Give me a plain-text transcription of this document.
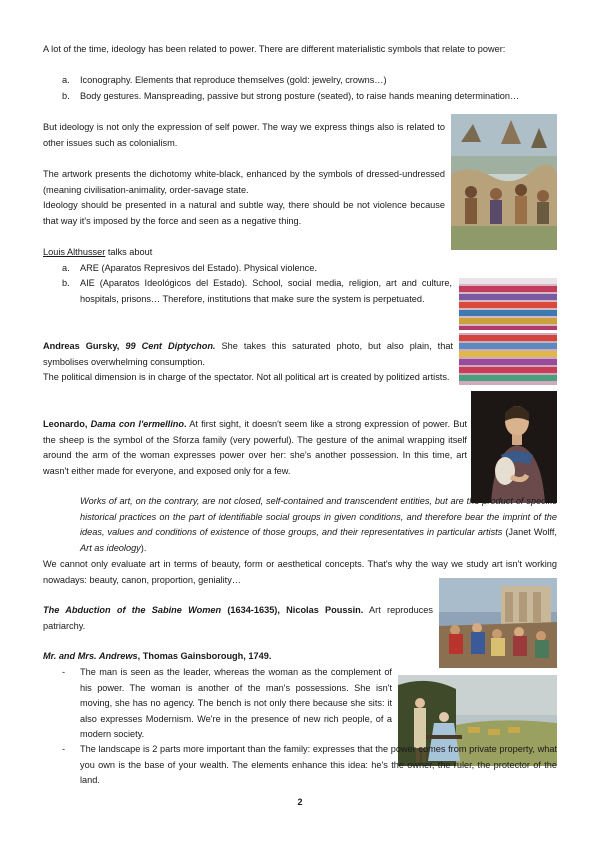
A lot of the time, ideology has been related to power. There are different materialistic symbols that relate to power:

a. Iconography. Elements that reproduce themselves (gold: jewelry, crowns…)

b. Body gestures. Manspreading, passive but strong posture (seated), to raise hands meaning determination…

But ideology is not only the expression of self power. The way we express things also is related to other issues such as colonialism.

The artwork presents the dichotomy white-black, enhanced by the symbols of dressed-undressed (meaning civilisation-animality, order-savage state.

Ideology should be presented in a natural and subtle way, there should be not violence because that way it's imposed by the force and seen as a negative thing.

Louis Althusser talks about

a. ARE (Aparatos Represivos del Estado). Physical violence.

b. AIE (Aparatos Ideológicos del Estado). School, social media, religion, art and culture, hospitals, prisons… Therefore, institutions that make sure the system is perpetuated.

Andreas Gursky, 99 Cent Diptychon. She takes this saturated photo, but also plain, that symbolises overwhelming consumption.

The political dimension is in charge of the spectator. Not all political art is created by politized artists.

Leonardo, Dama con l'ermellino. At first sight, it doesn't seem like a strong expression of power. But the sheep is the symbol of the Sforza family (very powerful). The gesture of the animal wrapping itself around the arm of the woman expresses power over her: she's another possession. In this time, art wasn't either made for everyone, and exposed only for a few.

Works of art, on the contrary, are not closed, self-contained and transcendent entities, but are the product of specific historical practices on the part of identifiable social groups in given conditions, and therefore bear the imprint of the ideas, values and conditions of existence of those groups, and their representatives in particular artists (Janet Wolff, Art as ideology).

We cannot only evaluate art in terms of beauty, form or aesthetical concepts. That's why the way we study art isn't working nowadays: beauty, canon, proportion, geniality…

The Abduction of the Sabine Women (1634-1635), Nicolas Poussin. Art reproduces patriarchy.

Mr. and Mrs. Andrews, Thomas Gainsborough, 1749.

- The man is seen as the leader, whereas the woman as the complement of his power. The woman is another of the man's possessions. She isn't moving, she has no agency. The bench is not only there because she sits: it also expresses Modernism. We're in the presence of new rich people, of a modern society.

- The landscape is 2 parts more important than the family: expresses that the power comes from private property, what you own is the base of your wealth. The elements enhance this idea: he's the owner, the ruler, the protector of the land.

2
